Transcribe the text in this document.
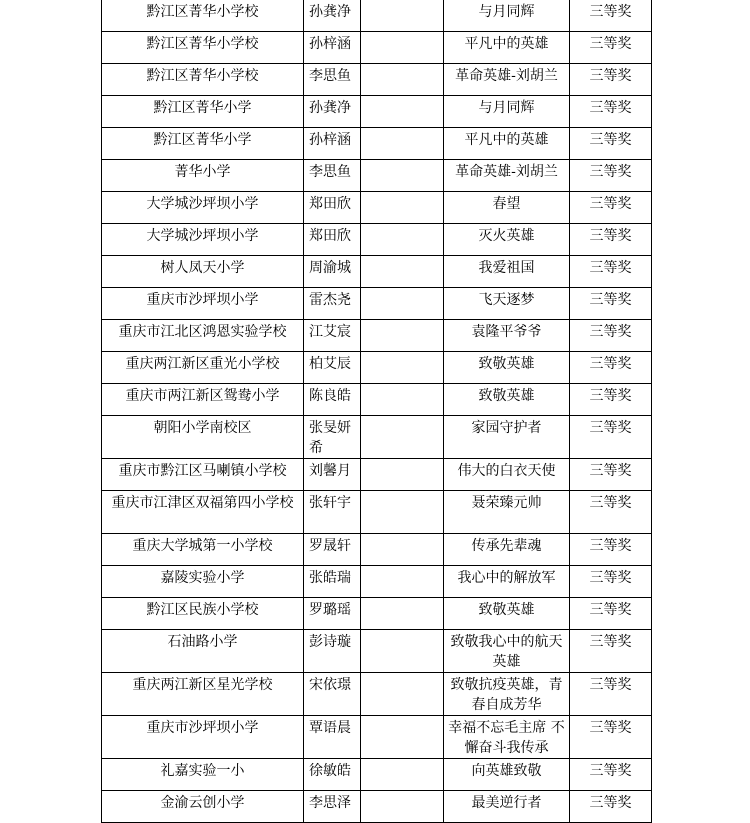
黔江区菁华小学校	孙龚净		与月同辉	三等奖
黔江区菁华小学校	孙梓涵		平凡中的英雄	三等奖
黔江区菁华小学校	李思鱼		革命英雄-刘胡兰	三等奖
黔江区菁华小学	孙龚净		与月同辉	三等奖
黔江区菁华小学	孙梓涵		平凡中的英雄	三等奖
菁华小学	李思鱼		革命英雄-刘胡兰	三等奖
大学城沙坪坝小学	郑田欣		春望	三等奖
大学城沙坪坝小学	郑田欣		灭火英雄	三等奖
树人凤天小学	周渝城		我爱祖国	三等奖
重庆市沙坪坝小学	雷杰尧		飞天逐梦	三等奖
重庆市江北区鸿恩实验学校	江艾宸		袁隆平爷爷	三等奖
重庆两江新区重光小学校	柏艾辰		致敬英雄	三等奖
重庆市两江新区鸳鸯小学	陈良皓		致敬英雄	三等奖
朝阳小学南校区	张旻妍希		家园守护者	三等奖
重庆市黔江区马喇镇小学校	刘馨月		伟大的白衣天使	三等奖
重庆市江津区双福第四小学校	张轩宇		聂荣臻元帅	三等奖
重庆大学城第一小学校	罗晟轩		传承先辈魂	三等奖
嘉陵实验小学	张皓瑞		我心中的解放军	三等奖
黔江区民族小学校	罗璐瑶		致敬英雄	三等奖
石油路小学	彭诗璇		致敬我心中的航天英雄	三等奖
重庆两江新区星光学校	宋依璟		致敬抗疫英雄，青春自成芳华	三等奖
重庆市沙坪坝小学	覃语晨		幸福不忘毛主席 不懈奋斗我传承	三等奖
礼嘉实验一小	徐敏皓		向英雄致敬	三等奖
金渝云创小学	李思泽		最美逆行者	三等奖
